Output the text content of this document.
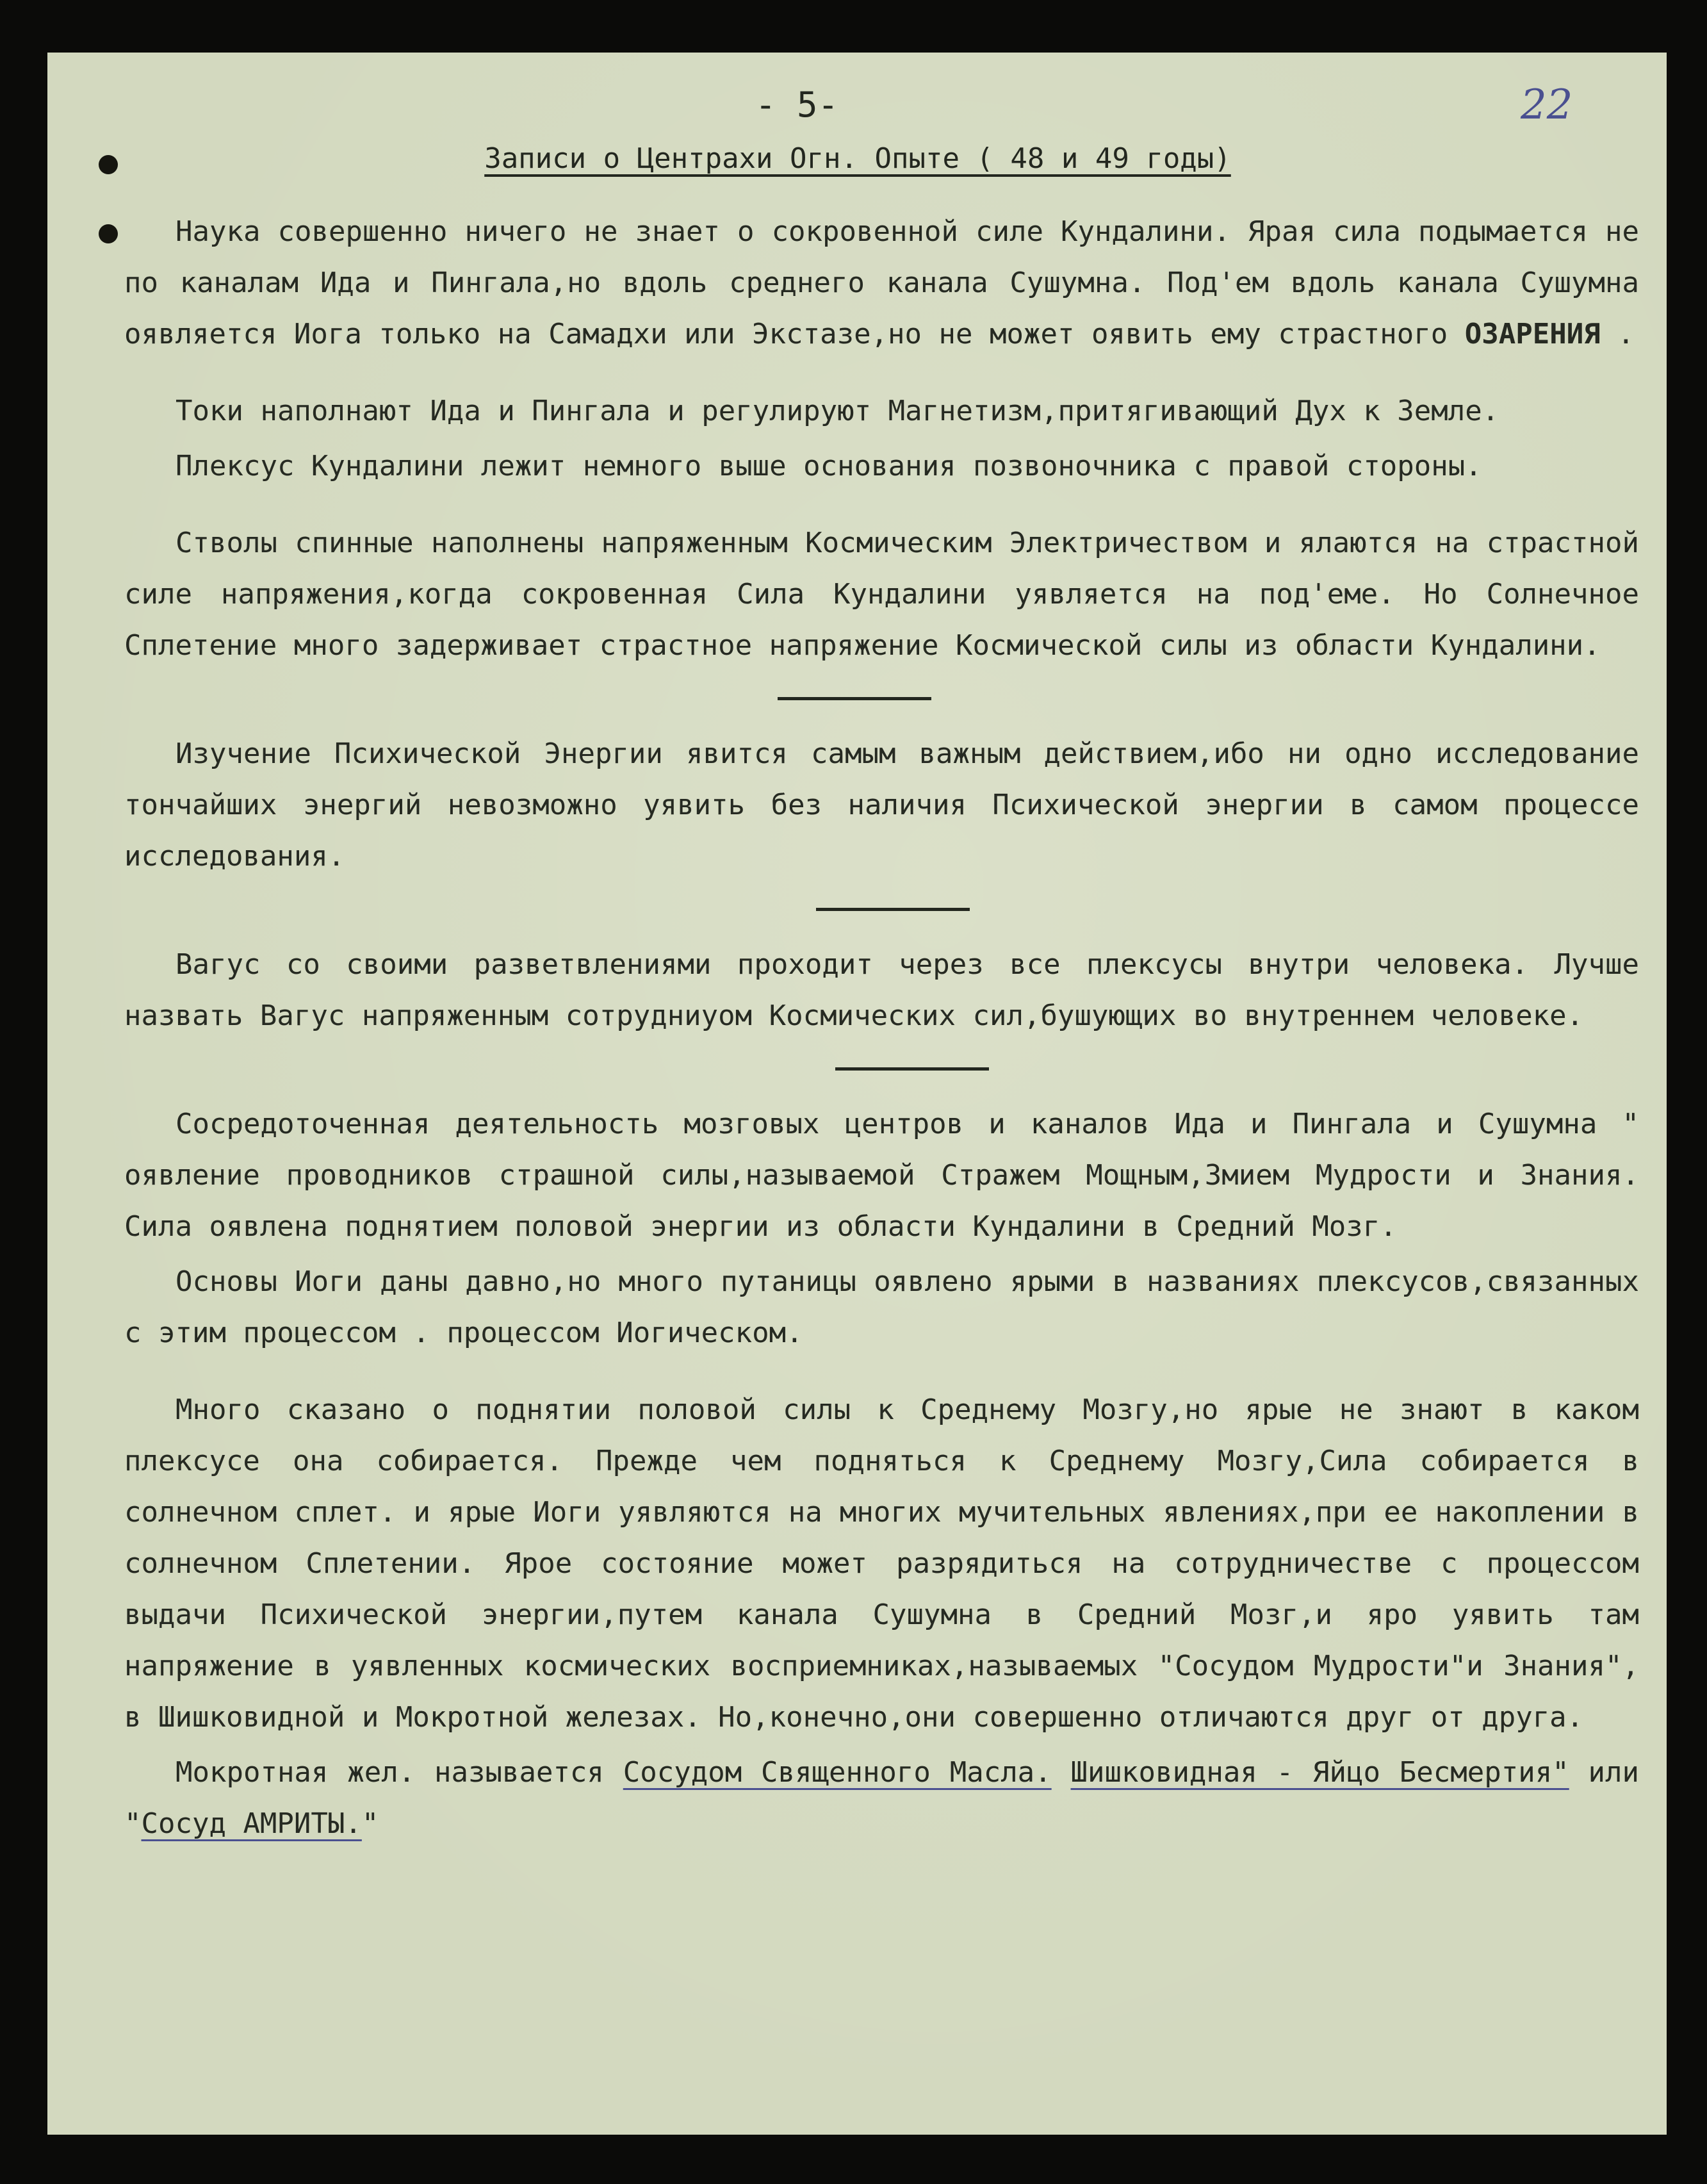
- 5-	22
Записи о Центрахи Огн. Опыте ( 48 и 49 годы)

Наука совершенно ничего не знает о сокровенной силе Кундалини. Ярая сила подымается не по каналам Ида и Пингала,но вдоль среднего канала Сушумна. Под'ем вдоль канала Сушумна оявляется Иога только на Самадхи или Экстазе,но не может оявить ему страстного ОЗАРЕНИЯ .

Токи наполнают Ида и Пингала и регулируют Магнетизм,притягивающий Дух к Земле.

Плексус Кундалини лежит немного выше основания позвоночника с правой стороны.

Стволы спинные наполнены напряженным Космическим Электричеством и ялаются на страстной силе напряжения,когда сокровенная Сила Кундалини уявляется на под'еме. Но Солнечное Сплетение много задерживает страстное напряжение Космической силы из области Кундалини.

Изучение Психической Энергии явится самым важным действием,ибо ни одно исследование тончайших энергий невозможно уявить без наличия Психической энергии в самом процессе исследования.

Вагус со своими разветвлениями проходит через все плексусы внутри человека. Лучше назвать Вагус напряженным сотрудниуом Космических сил,бушующих во внутреннем человеке.

Сосредоточенная деятельность мозговых центров и каналов Ида и Пингала и Сушумна " оявление проводников страшной силы,называемой Стражем Мощным,Змием Мудрости и Знания. Сила оявлена поднятием половой энергии из области Кундалини в Средний Мозг.

Основы Иоги даны давно,но много путаницы оявлено ярыми в названиях плексусов,связанных с этим процессом . процессом Иогическом.

Много сказано о поднятии половой силы к Среднему Мозгу,но ярые не знают в каком плексусе она собирается. Прежде чем подняться к Среднему Мозгу,Сила собирается в солнечном сплет. и ярые Иоги уявляются на многих мучительных явлениях,при ее накоплении в солнечном Сплетении. Ярое состояние может разрядиться на сотрудничестве с процессом выдачи Психической энергии,путем канала Сушумна в Средний Мозг,и яро уявить там напряжение в уявленных космических восприемниках,называемых "Сосудом Мудрости"и Знания", в Шишковидной и Мокротной железах. Но,конечно,они совершенно отличаются друг от друга.

Мокротная жел. называется Сосудом Священного Масла. Шишковидная - Яйцо Бесмертия" или "Сосуд АМРИТЫ."
